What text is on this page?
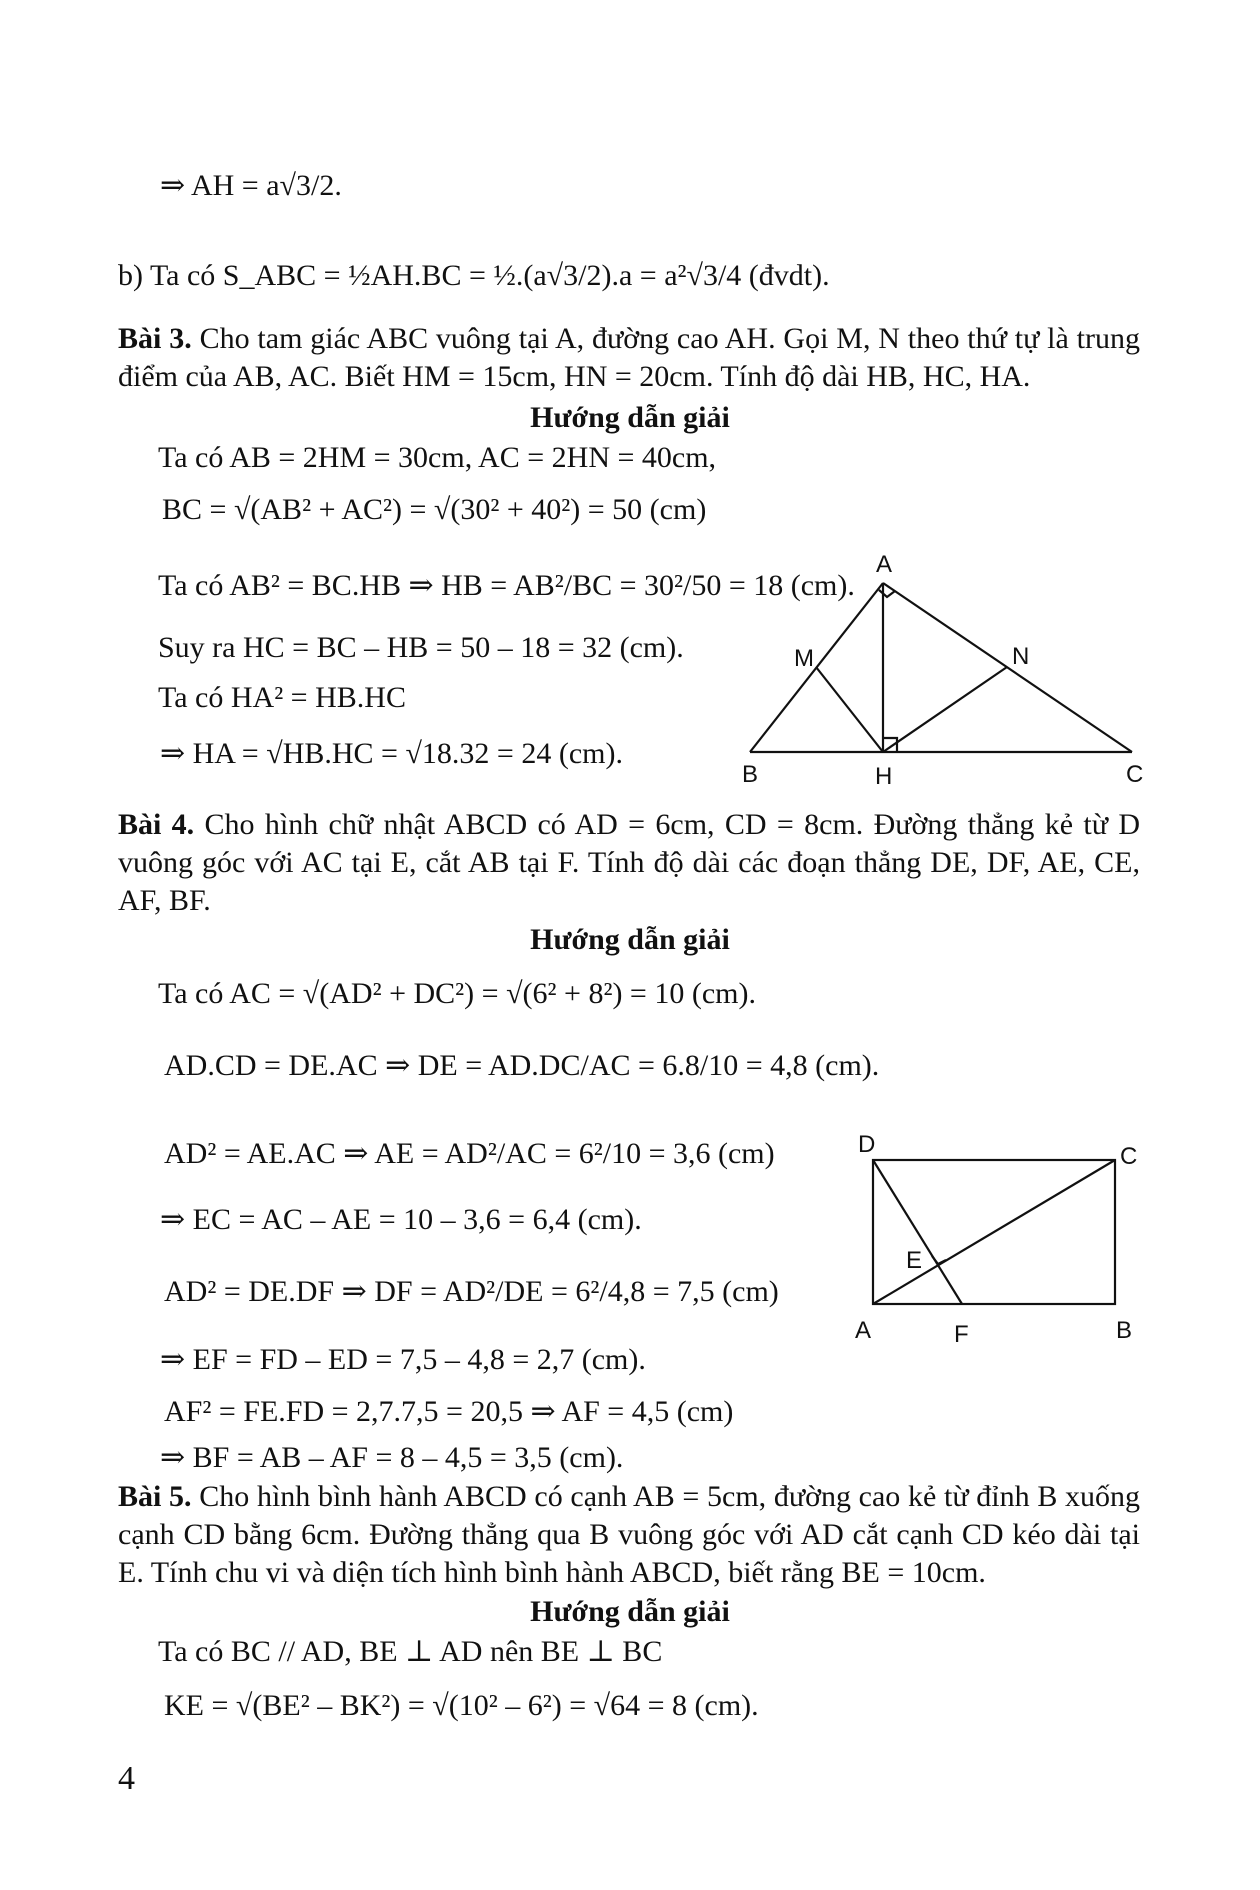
⇒ AH = a√3/2.
b) Ta có S_ABC = ½AH.BC = ½.(a√3/2).a = a²√3/4 (đvdt).
Bài 3. Cho tam giác ABC vuông tại A, đường cao AH. Gọi M, N theo thứ tự là trung điểm của AB, AC. Biết HM = 15cm, HN = 20cm. Tính độ dài HB, HC, HA.
Hướng dẫn giải
Ta có AB = 2HM = 30cm, AC = 2HN = 40cm,
BC = √(AB² + AC²) = √(30² + 40²) = 50 (cm)
Ta có AB² = BC.HB ⇒ HB = AB²/BC = 30²/50 = 18 (cm).
Suy ra HC = BC – HB = 50 – 18 = 32 (cm).
Ta có HA² = HB.HC
⇒ HA = √HB.HC = √18.32 = 24 (cm).
A
B	C
H
M	N
Bài 4. Cho hình chữ nhật ABCD có AD = 6cm, CD = 8cm. Đường thẳng kẻ từ D vuông góc với AC tại E, cắt AB tại F. Tính độ dài các đoạn thẳng DE, DF, AE, CE, AF, BF.
Hướng dẫn giải
Ta có AC = √(AD² + DC²) = √(6² + 8²) = 10 (cm).
AD.CD = DE.AC ⇒ DE = AD.DC/AC = 6.8/10 = 4,8 (cm).
AD² = AE.AC ⇒ AE = AD²/AC = 6²/10 = 3,6 (cm)
⇒ EC = AC – AE = 10 – 3,6 = 6,4 (cm).
AD² = DE.DF ⇒ DF = AD²/DE = 6²/4,8 = 7,5 (cm)
⇒ EF = FD – ED = 7,5 – 4,8 = 2,7 (cm).
AF² = FE.FD = 2,7.7,5 = 20,5 ⇒ AF = 4,5 (cm)
⇒ BF = AB – AF = 8 – 4,5 = 3,5 (cm).
D	C
E
A	F	B
Bài 5. Cho hình bình hành ABCD có cạnh AB = 5cm, đường cao kẻ từ đỉnh B xuống cạnh CD bằng 6cm. Đường thẳng qua B vuông góc với AD cắt cạnh CD kéo dài tại E. Tính chu vi và diện tích hình bình hành ABCD, biết rằng BE = 10cm.
Hướng dẫn giải
Ta có BC // AD, BE ⊥ AD nên BE ⊥ BC
KE = √(BE² – BK²) = √(10² – 6²) = √64 = 8 (cm).
4
